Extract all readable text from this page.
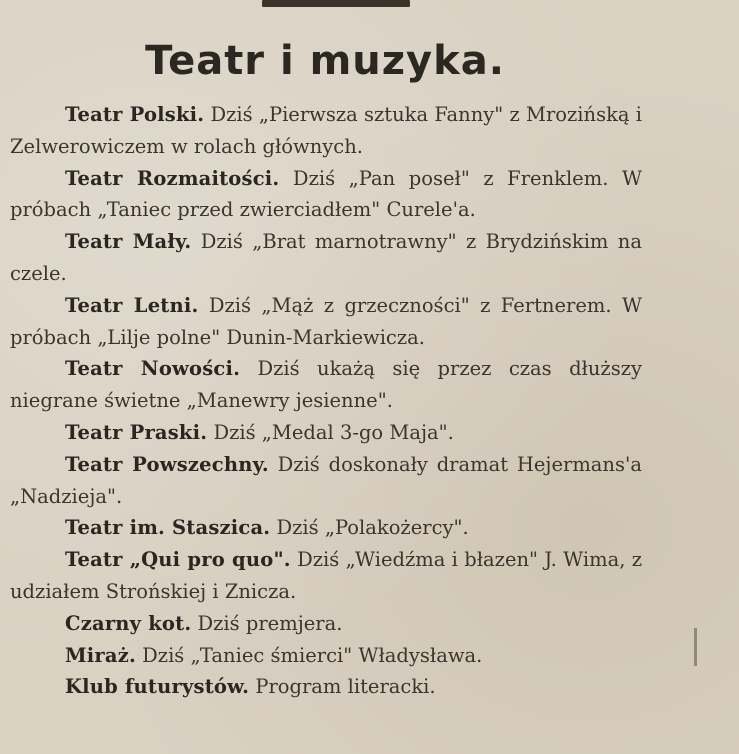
Teatr i muzyka.

Teatr Polski. Dziś „Pierwsza sztuka Fanny" z Mrozińską i Zelwerowiczem w rolach głównych.

Teatr Rozmaitości. Dziś „Pan poseł" z Frenklem. W próbach „Taniec przed zwierciadłem" Curele'a.

Teatr Mały. Dziś „Brat marnotrawny" z Brydzińskim na czele.

Teatr Letni. Dziś „Mąż z grzeczności" z Fertnerem. W próbach „Lilje polne" Dunin-Markiewicza.

Teatr Nowości. Dziś ukażą się przez czas dłuższy niegrane świetne „Manewry jesienne".

Teatr Praski. Dziś „Medal 3-go Maja".

Teatr Powszechny. Dziś doskonały dramat Hejermans'a „Nadzieja".

Teatr im. Staszica. Dziś „Polakożercy".

Teatr „Qui pro quo". Dziś „Wiedźma i błazen" J. Wima, z udziałem Strońskiej i Znicza.

Czarny kot. Dziś premjera.

Miraż. Dziś „Taniec śmierci" Władysława.

Klub futurystów. Program literacki.
